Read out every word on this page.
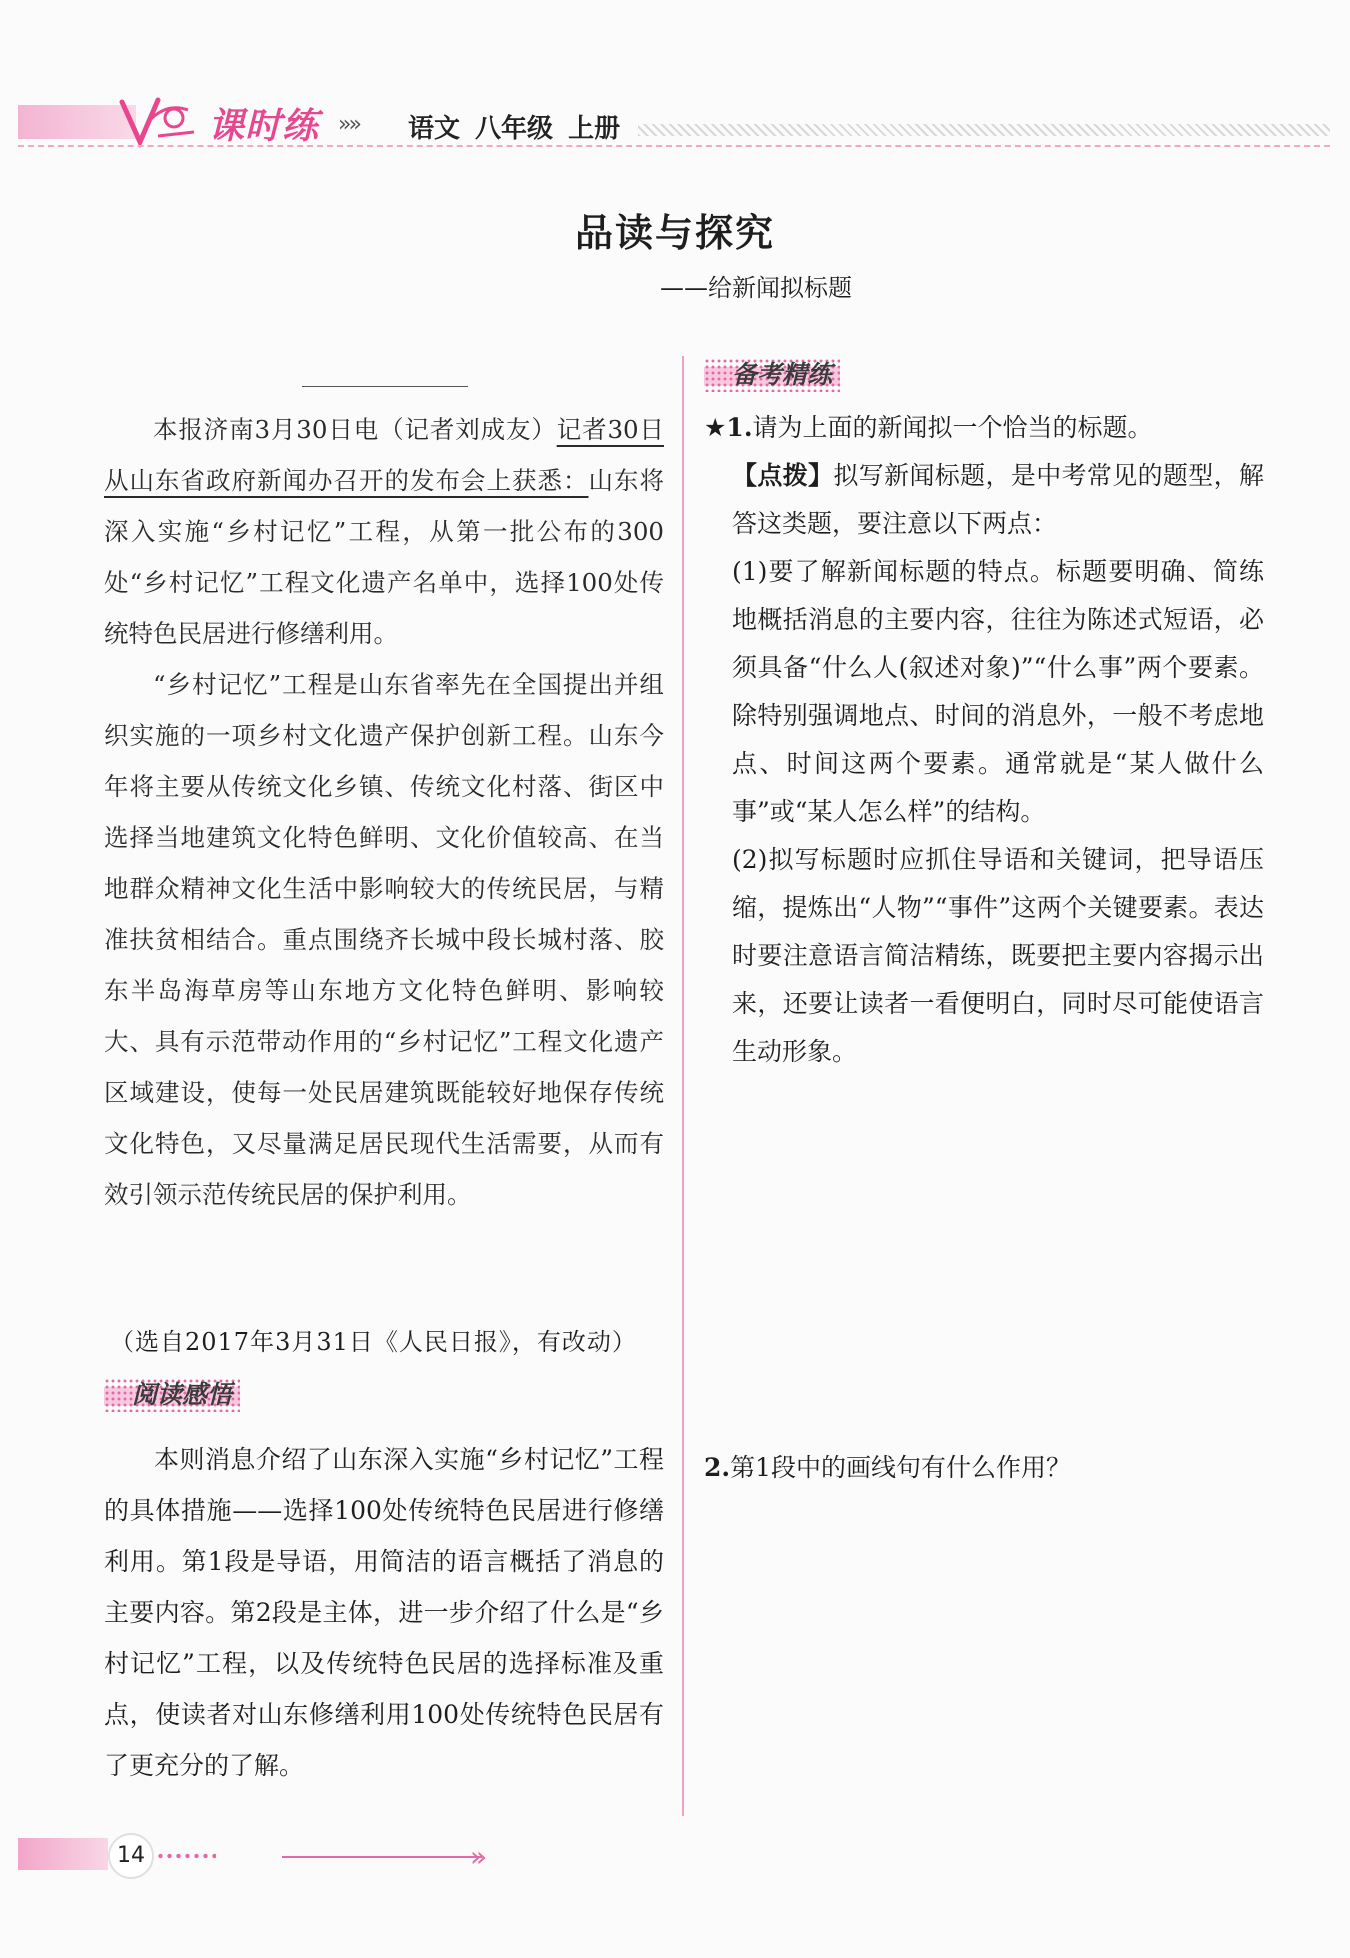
课时练 »» 语文 八年级 上册
品读与探究
——给新闻拟标题

本报济南3月30日电（记者刘成友）记者30日从山东省政府新闻办召开的发布会上获悉：山东将深入实施“乡村记忆”工程，从第一批公布的300处“乡村记忆”工程文化遗产名单中，选择100处传统特色民居进行修缮利用。

“乡村记忆”工程是山东省率先在全国提出并组织实施的一项乡村文化遗产保护创新工程。山东今年将主要从传统文化乡镇、传统文化村落、街区中选择当地建筑文化特色鲜明、文化价值较高、在当地群众精神文化生活中影响较大的传统民居，与精准扶贫相结合。重点围绕齐长城中段长城村落、胶东半岛海草房等山东地方文化特色鲜明、影响较大、具有示范带动作用的“乡村记忆”工程文化遗产区域建设，使每一处民居建筑既能较好地保存传统文化特色，又尽量满足居民现代生活需要，从而有效引领示范传统民居的保护利用。

（选自2017年3月31日《人民日报》，有改动）
阅读感悟

本则消息介绍了山东深入实施“乡村记忆”工程的具体措施——选择100处传统特色民居进行修缮利用。第1段是导语，用简洁的语言概括了消息的主要内容。第2段是主体，进一步介绍了什么是“乡村记忆”工程，以及传统特色民居的选择标准及重点，使读者对山东修缮利用100处传统特色民居有了更充分的了解。

备考精练

★1.请为上面的新闻拟一个恰当的标题。

【点拨】拟写新闻标题，是中考常见的题型，解答这类题，要注意以下两点：

(1)要了解新闻标题的特点。标题要明确、简练地概括消息的主要内容，往往为陈述式短语，必须具备“什么人(叙述对象)”“什么事”两个要素。除特别强调地点、时间的消息外，一般不考虑地点、时间这两个要素。通常就是“某人做什么事”或“某人怎么样”的结构。

(2)拟写标题时应抓住导语和关键词，把导语压缩，提炼出“人物”“事件”这两个关键要素。表达时要注意语言简洁精练，既要把主要内容揭示出来，还要让读者一看便明白，同时尽可能使语言生动形象。

2.第1段中的画线句有什么作用？
14	»
